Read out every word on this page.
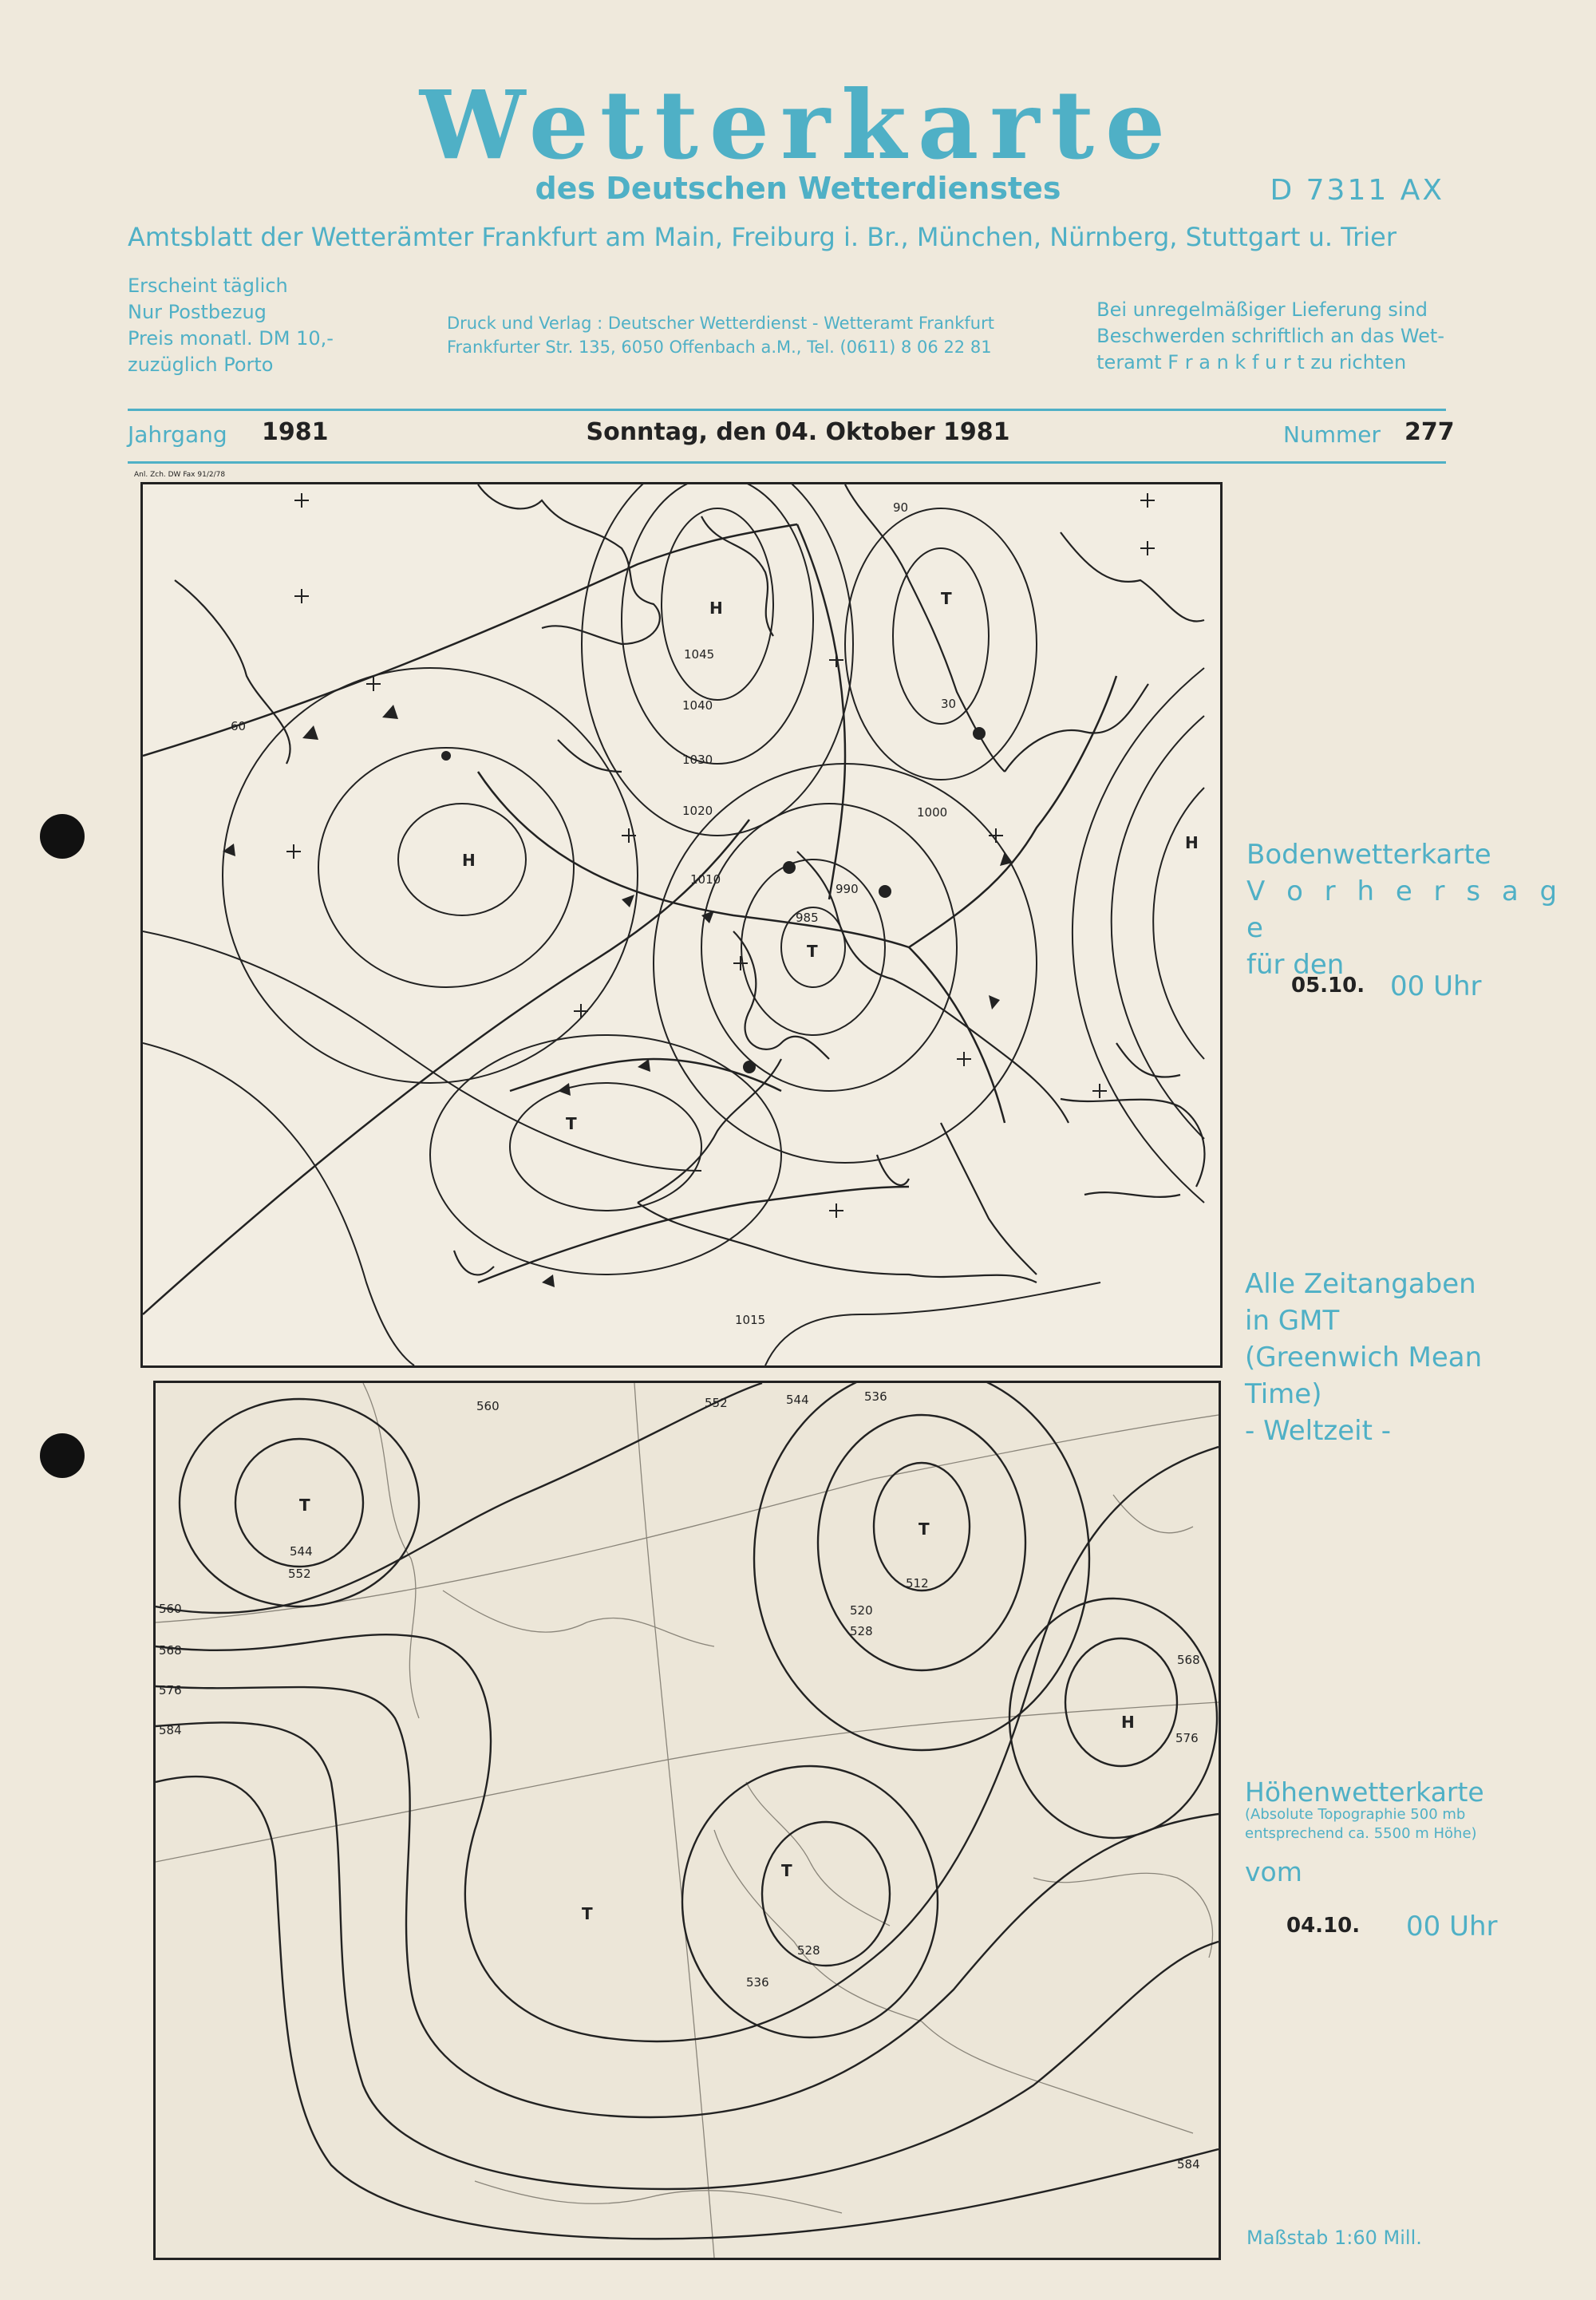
Wetterkarte
des Deutschen Wetterdienstes	D 7311 AX
Amtsblatt der Wetterämter Frankfurt am Main, Freiburg i. Br., München, Nürnberg, Stuttgart u. Trier
Erscheint täglich
Nur Postbezug
Preis monatl. DM 10,-
zuzüglich Porto
Druck und Verlag : Deutscher Wetterdienst - Wetteramt Frankfurt
Frankfurter Str. 135, 6050 Offenbach a.M., Tel. (0611) 8 06 22 81
Bei unregelmäßiger Lieferung sind
Beschwerden schriftlich an das Wet-
teramt F r a n k f u r t zu richten
Jahrgang 1981	Sonntag, den 04. Oktober 1981	Nummer 277
Anl. Zch. DW Fax 91/2/78
1045
1040
1030
1020
1010
1000
990
985
1015
60
30
90
H
H
H
T
T
T
512
520
528
528
536
536
544
544
552
552
560
560
568
568
576
576
584
584
H
T
T
T
T
Bodenwetterkarte
V o r h e r s a g e
für den
05.10. 00 Uhr
Alle Zeitangaben
in GMT
(Greenwich Mean
Time)
- Weltzeit -
Höhenwetterkarte
(Absolute Topographie 500 mb
entsprechend ca. 5500 m Höhe)
vom
04.10. 00 Uhr
Maßstab 1:60 Mill.
